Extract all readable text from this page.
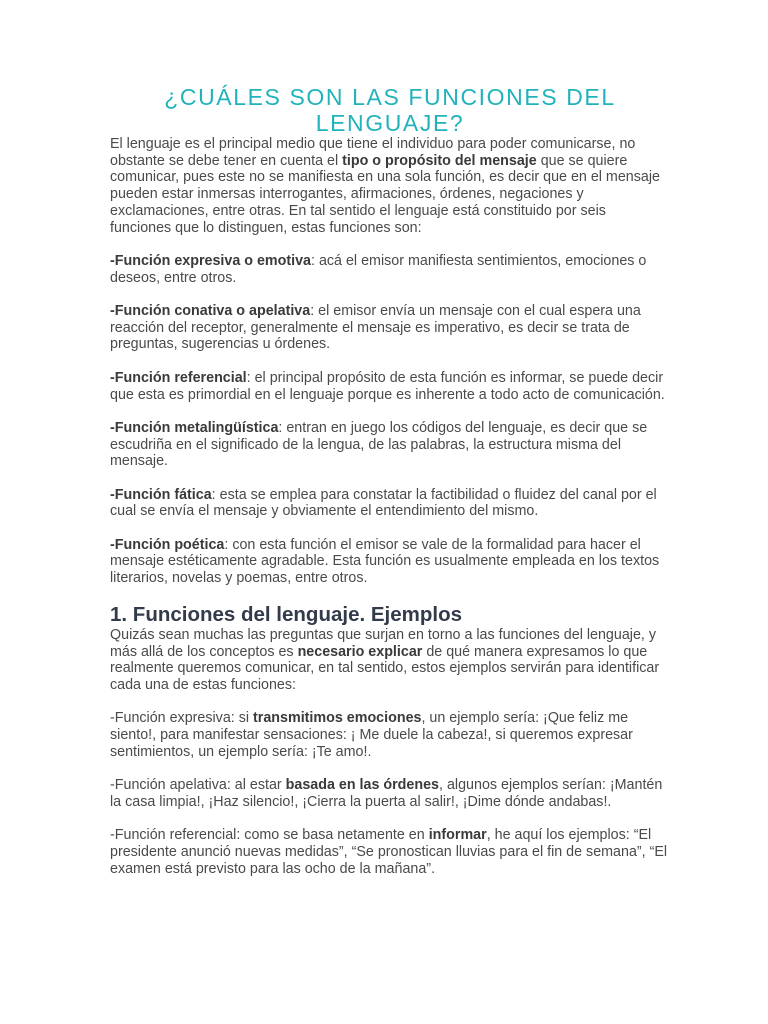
¿CUÁLES SON LAS FUNCIONES DEL LENGUAJE?

El lenguaje es el principal medio que tiene el individuo para poder comunicarse, no obstante se debe tener en cuenta el tipo o propósito del mensaje que se quiere comunicar, pues este no se manifiesta en una sola función, es decir que en el mensaje pueden estar inmersas interrogantes, afirmaciones, órdenes, negaciones y exclamaciones, entre otras. En tal sentido el lenguaje está constituido por seis funciones que lo distinguen, estas funciones son:

-Función expresiva o emotiva: acá el emisor manifiesta sentimientos, emociones o deseos, entre otros.

-Función conativa o apelativa: el emisor envía un mensaje con el cual espera una reacción del receptor, generalmente el mensaje es imperativo, es decir se trata de preguntas, sugerencias u órdenes.

-Función referencial: el principal propósito de esta función es informar, se puede decir que esta es primordial en el lenguaje porque es inherente a todo acto de comunicación.

-Función metalingüística: entran en juego los códigos del lenguaje, es decir que se escudriña en el significado de la lengua, de las palabras, la estructura misma del mensaje.

-Función fática: esta se emplea para constatar la factibilidad o fluidez del canal por el cual se envía el mensaje y obviamente el entendimiento del mismo.

-Función poética: con esta función el emisor se vale de la formalidad para hacer el mensaje estéticamente agradable. Esta función es usualmente empleada en los textos literarios, novelas y poemas, entre otros.

1. Funciones del lenguaje. Ejemplos

Quizás sean muchas las preguntas que surjan en torno a las funciones del lenguaje, y más allá de los conceptos es necesario explicar de qué manera expresamos lo que realmente queremos comunicar, en tal sentido, estos ejemplos servirán para identificar cada una de estas funciones:

-Función expresiva: si transmitimos emociones, un ejemplo sería: ¡Que feliz me siento!, para manifestar sensaciones: ¡ Me duele la cabeza!, si queremos expresar sentimientos, un ejemplo sería: ¡Te amo!.

-Función apelativa: al estar basada en las órdenes, algunos ejemplos serían: ¡Mantén la casa limpia!, ¡Haz silencio!, ¡Cierra la puerta al salir!, ¡Dime dónde andabas!.

-Función referencial: como se basa netamente en informar, he aquí los ejemplos: “El presidente anunció nuevas medidas”, “Se pronostican lluvias para el fin de semana”, “El examen está previsto para las ocho de la mañana”.
